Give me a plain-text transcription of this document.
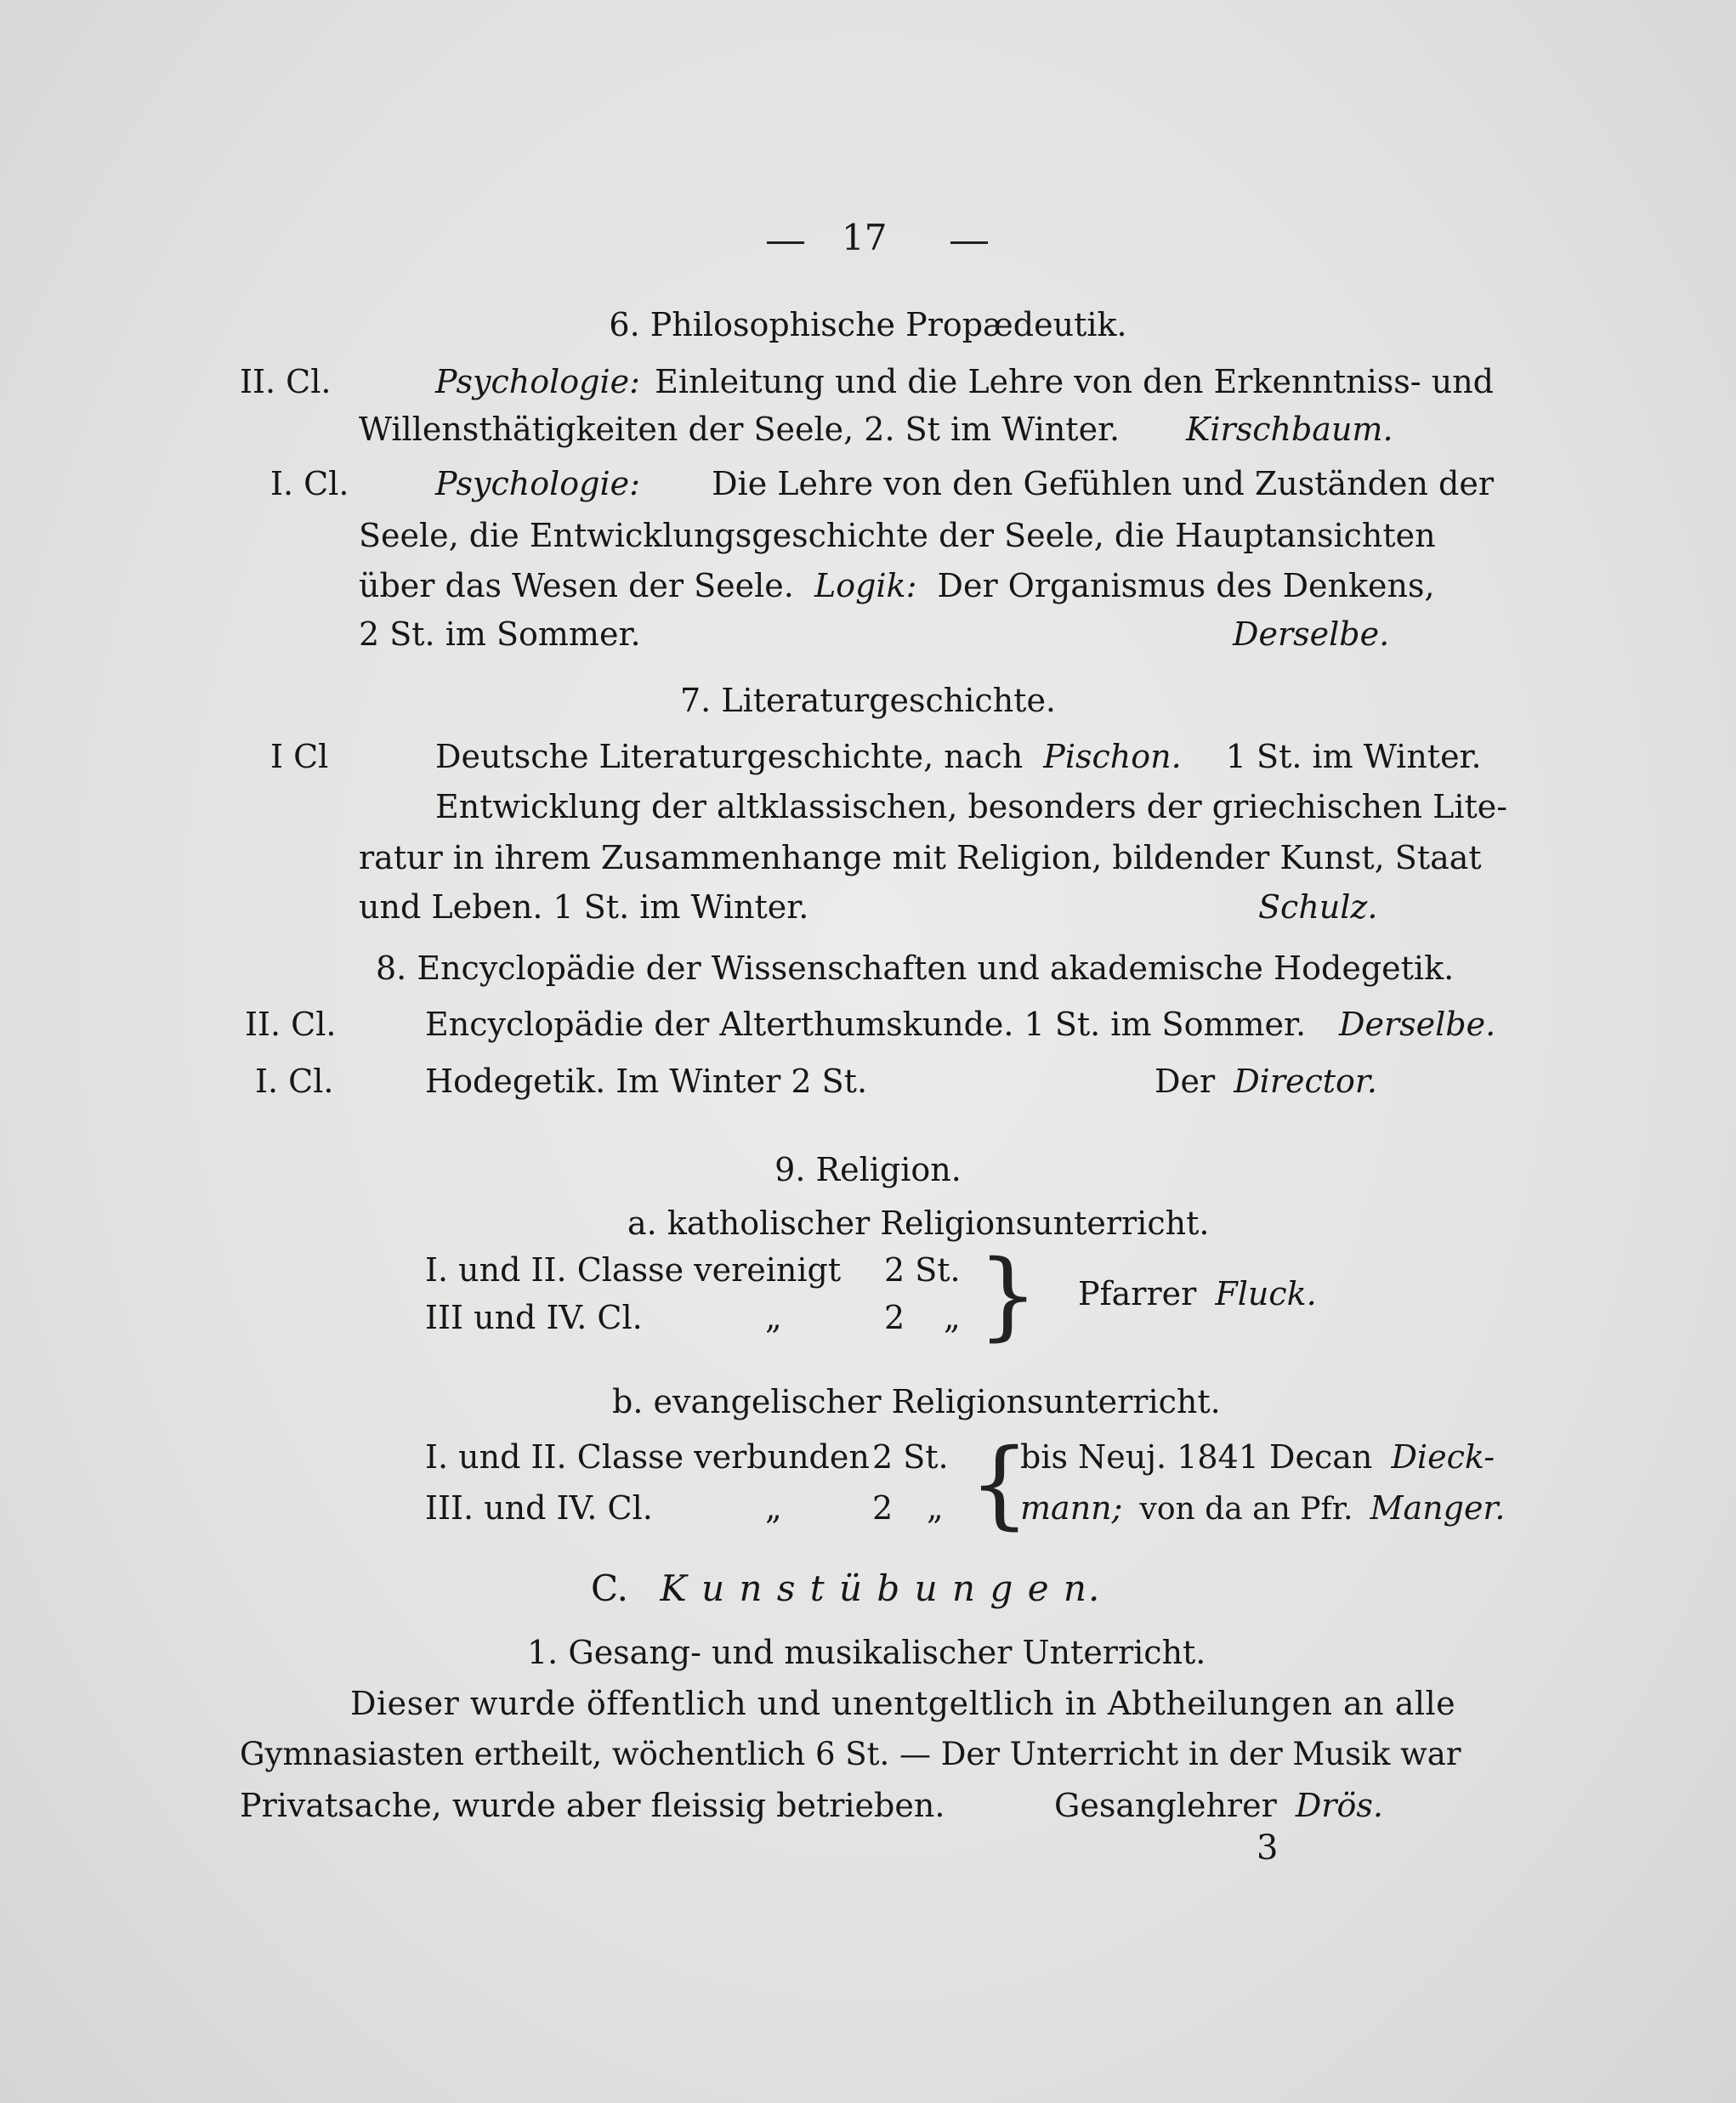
17
6. Philosophische Propædeutik.
II. Cl.	Psychologie: Einleitung und die Lehre von den Erkenntniss- und
Willensthätigkeiten der Seele, 2. St im Winter. Kirschbaum.
I. Cl.	Psychologie: Die Lehre von den Gefühlen und Zuständen der
Seele, die Entwicklungsgeschichte der Seele, die Hauptansichten
über das Wesen der Seele. Logik: Der Organismus des Denkens,
2 St. im Sommer.	Derselbe.
7. Literaturgeschichte.
I Cl	Deutsche Literaturgeschichte, nach Pischon. 1 St. im Winter.
Entwicklung der altklassischen, besonders der griechischen Lite-
ratur in ihrem Zusammenhange mit Religion, bildender Kunst, Staat
und Leben. 1 St. im Winter.	Schulz.
8. Encyclopädie der Wissenschaften und akademische Hodegetik.
II. Cl.	Encyclopädie der Alterthumskunde. 1 St. im Sommer. Derselbe.
I. Cl.	Hodegetik. Im Winter 2 St.	Der Director.
9. Religion.
a. katholischer Religionsunterricht.
I. und II. Classe vereinigt 2 St.
III und IV. Cl.	„	2 „ } Pfarrer Fluck.
b. evangelischer Religionsunterricht.
I. und II. Classe verbunden 2 St.
III. und IV. Cl.	„	2 „ {
bis Neuj. 1841 Decan Dieck-
mann; von da an Pfr. Manger.
C. K u n s t ü b u n g e n.
1. Gesang- und musikalischer Unterricht.
Dieser wurde öffentlich und unentgeltlich in Abtheilungen an alle
Gymnasiasten ertheilt, wöchentlich 6 St. — Der Unterricht in der Musik war
Privatsache, wurde aber fleissig betrieben.	Gesanglehrer Drös.
3
